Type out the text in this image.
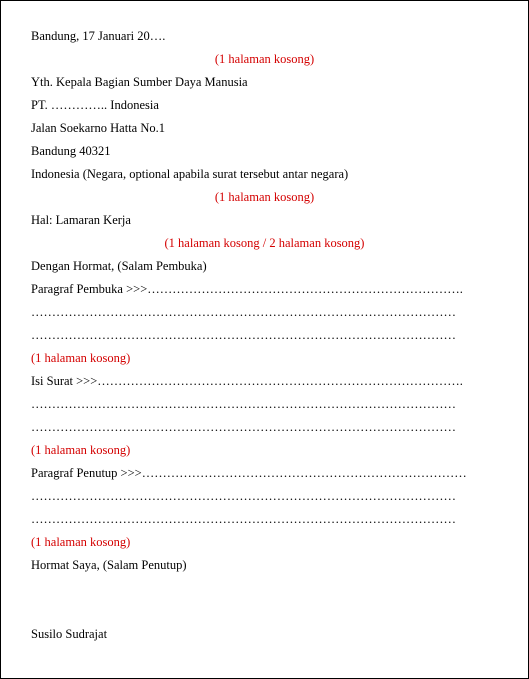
Bandung, 17 Januari 20….
(1 halaman kosong)
Yth. Kepala Bagian Sumber Daya Manusia
PT. ………….. Indonesia
Jalan Soekarno Hatta No.1
Bandung 40321
Indonesia (Negara, optional apabila surat tersebut antar negara)
(1 halaman kosong)
Hal: Lamaran Kerja
(1 halaman kosong / 2 halaman kosong)
Dengan Hormat, (Salam Pembuka)
Paragraf Pembuka >>>………………………………………………………………….
…………………………………………………………………………………………
…………………………………………………………………………………………
(1 halaman kosong)
Isi Surat >>>…………………………………………………………………………….
…………………………………………………………………………………………
…………………………………………………………………………………………
(1 halaman kosong)
Paragraf Penutup >>>……………………………………………………………………
…………………………………………………………………………………………
…………………………………………………………………………………………
(1 halaman kosong)
Hormat Saya, (Salam Penutup)
Susilo Sudrajat
